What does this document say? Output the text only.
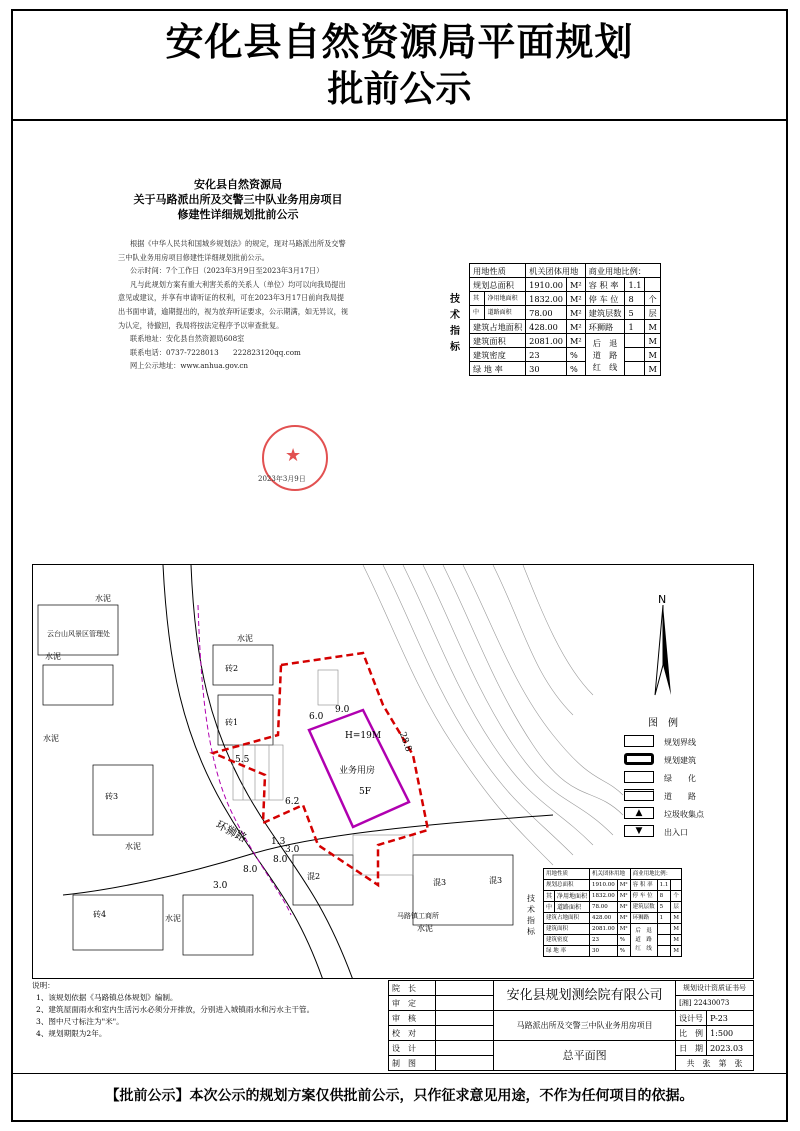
安化县自然资源局平面规划
批前公示
安化县自然资源局
关于马路派出所及交警三中队业务用房项目
修建性详细规划批前公示

根据《中华人民共和国城乡规划法》的规定，现对马路派出所及交警三中队业务用房项目修建性详细规划批前公示。

公示时间：7个工作日（2023年3月9日至2023年3月17日）

凡与此规划方案有重大利害关系的关系人（单位）均可以向我局提出意见或建议，并享有申请听证的权利，可在2023年3月17日前向我局提出书面申请，逾期提出的，视为放弃听证要求，公示期满，如无异议，视为认定，待撤回，我局将按法定程序予以审查批复。

联系地址：安化县自然资源局608室

联系电话：0737-7228013　　222823120qq.com

网上公示地址：www.anhua.gov.cn

★
2023年3月9日
技术指标
用地性质		机关团体用地		商业用地比例：		
规划总面积		1910.00	M²	容 积 率	1.1	
其	净用地面积	1832.00	M²	停 车 位	8	个
中	道路面积	78.00	M²	建筑层数	5	层
建筑占地面积		428.00	M²	环狮路	1	M
建筑面积		2081.00	M²	后　退
道　路
红　线		M
建筑密度		23	%			M
绿 地 率		30	%			M
N
H=19M
业务用房
5F
环狮路
6.0
9.0
5.5
6.2
1.3
8.0
3.0
8.0
3.0
28.8
水泥
水泥
水泥
水泥
水泥
水泥
水泥
砖4
砖3
砖1
砖2
混3
混2	混3
马路镇工商所
云台山风景区管理处
图　例
规划界线
规划建筑
绿　　化
道　　路
▲	垃圾收集点
▼	出入口
技术指标
用地性质		机关团体用地		商业用地比例：		
规划总面积		1910.00	M²	容 积 率	1.1	
其	净用地面积	1832.00	M²	停 车 位	8	个
中	道路面积	78.00	M²	建筑层数	5	层
建筑占地面积		428.00	M²	环狮路	1	M
建筑面积		2081.00	M²	后　退
道　路
红　线		M
建筑密度		23	%			M
绿 地 率		30	%			M
说明：
1、该规划依据《马路镇总体规划》编制。
2、建筑屋面雨水和室内生活污水必须分开排放，分别进入城镇雨水和污水主干管。
3、图中尺寸标注为"米"。
4、规划期限为2年。
院　长		安化县规划测绘院有限公司	规划设计资质证书号	
审　定			[湘] 22430073	
审　核		马路派出所及交警三中队业务用房项目	设计号	P-23
校　对			比　例	1:500
设　计		总平面图	日　期	2023.03
制　图			共　张　第　张	
【批前公示】本次公示的规划方案仅供批前公示，只作征求意见用途，不作为任何项目的依据。
